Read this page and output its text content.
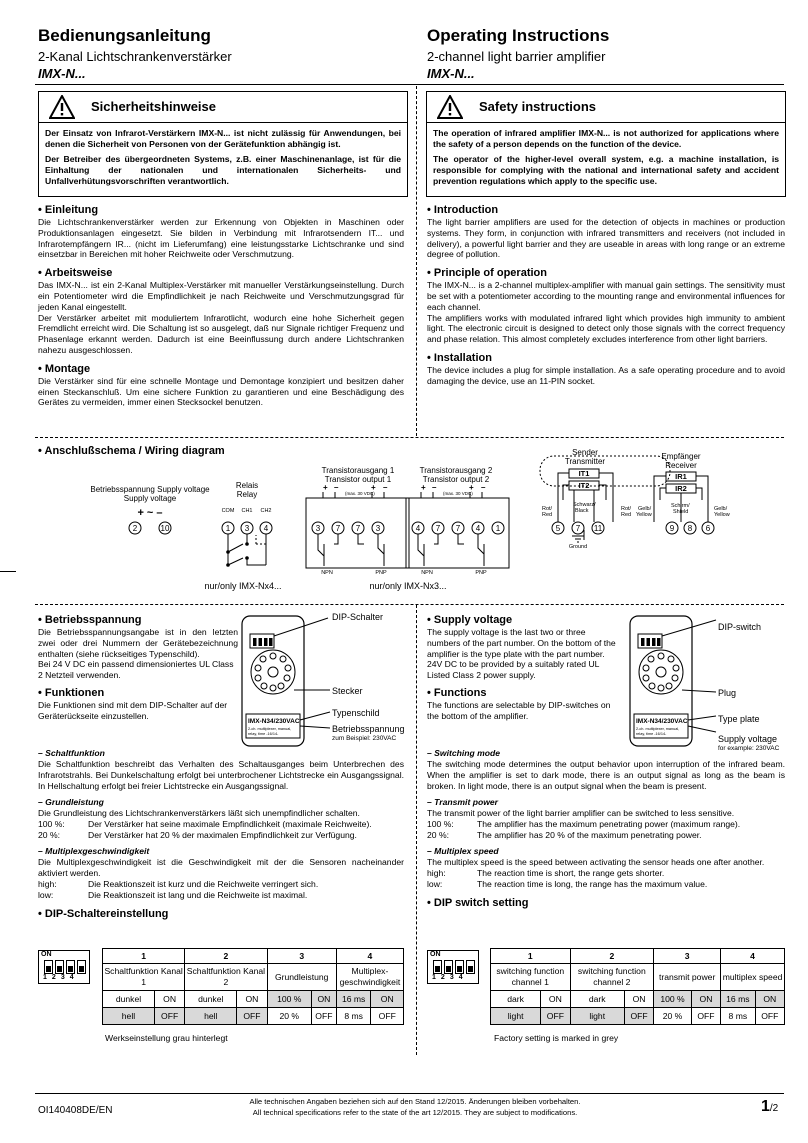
Bedienungsanleitung
2-Kanal Lichtschrankenverstärker
IMX-N...
Operating Instructions
2-channel light barrier amplifier
IMX-N...
Sicherheitshinweise

Der Einsatz von Infrarot-Verstärkern IMX-N... ist nicht zulässig für Anwendungen, bei denen die Sicherheit von Personen von der Gerätefunktion abhängig ist.

Der Betreiber des übergeordneten Systems, z.B. einer Maschinenanlage, ist für die Einhaltung der nationalen und internationalen Sicherheits- und Unfallverhütungsvorschriften verantwortlich.

Safety instructions

The operation of infrared amplifier IMX-N... is not authorized for applications where the safety of a person depends on the function of the device.

The operator of the higher-level overall system, e.g. a machine installation, is responsible for complying with the national and international safety and accident prevention regulations which apply to the specific use.

• Einleitung

Die Lichtschrankenverstärker werden zur Erkennung von Objekten in Maschinen oder Produktionsanlagen eingesetzt. Sie bilden in Verbindung mit Infrarotsendern IT... und Infrarotempfängern IR... (nicht im Lieferumfang) eine leistungsstarke Lichtschranke und sind einsetzbar in Bereichen mit hoher Reichweite oder Verschmutzung.

• Arbeitsweise

Das IMX-N... ist ein 2-Kanal Multiplex-Verstärker mit manueller Verstärkungseinstellung. Durch ein Potentiometer wird die Empfindlichkeit je nach Reichweite und Verschmutzungsgrad für jeden Kanal eingestellt.

Der Verstärker arbeitet mit moduliertem Infrarotlicht, wodurch eine hohe Sicherheit gegen Fremdlicht erreicht wird. Die Schaltung ist so ausgelegt, daß nur Signale richtiger Frequenz und Phasenlage erkannt werden. Dadurch ist eine Beeinflussung durch andere Lichtschranken nahezu ausgeschlossen.

• Montage

Die Verstärker sind für eine schnelle Montage und Demontage konzipiert und besitzen daher einen Steckanschluß. Um eine sichere Funktion zu garantieren und eine Beschädigung des Gerätes zu vermeiden, immer einen Stecksockel benutzen.

• Introduction

The light barrier amplifiers are used for the detection of objects in machines or production systems. They form, in conjunction with infrared transmitters and receivers (not included in delivery), a powerful light barrier and they are useable in areas with long range or an extreme degree of pollution.

• Principle of operation

The IMX-N... is a 2-channel multiplex-amplifier with manual gain settings. The sensitivity must be set with a potentiometer according to the mounting range and environmental influences for each channel.

The amplifiers works with modulated infrared light which provides high immunity to ambient light. The electronic circuit is designed to detect only those signals with the correct frequency and phase relation. This almost completely excludes interference from other light barriers.

• Installation

The device includes a plug for simple installation. As a safe operating procedure and to avoid damaging the device, use an 11-PIN socket.

• Anschlußschema / Wiring diagram
Betriebsspannung Supply voltage
Supply voltage
+ ~ –
2	10
Relais
Relay
COM CH1 CH2
1 3 4
Transistorausgang 1
Transistor output 1
+ –
(max. 30 VDC)
+ –
3 7 7 3
NPN	PNP
Transistorausgang 2
Transistor output 2
+ –
(max. 30 VDC)
+ –
4 7 7 4 1
NPN	PNP
nur/only IMX-Nx4...	nur/only IMX-Nx3...
Sender
Transmitter
IT1
IT2
Rot/
Red
Schwarz/
Black	Rot/
Red
5 7 11
Ground
Empfänger
Receiver
IR1
IR2
Gelb/
Yellow
Schirm/
Shield	Gelb/
Yellow
9 8 6
IMX-N34/230VAC
2-ch. multiplexer, manual,
relay, time -16/14-
DIP-Schalter
Stecker
Typenschild
Betriebsspannung
zum Beispiel: 230VAC
IMX-N34/230VAC
2-ch. multiplexer, manual,
relay, time -16/14-
DIP-switch
Plug
Type plate
Supply voltage
for example: 230VAC

• Betriebsspannung

Die Betriebsspannungsangabe ist in den letzten zwei oder drei Nummern der Gerätebezeichnung enthalten (siehe rückseitiges Typenschild).

Bei 24 V DC ein passend dimensioniertes UL Class 2 Netzteil verwenden.

• Funktionen

Die Funktionen sind mit dem DIP-Schalter auf der Geräterückseite einzustellen.

– Schaltfunktion

Die Schaltfunktion beschreibt das Verhalten des Schaltausganges beim Unterbrechen des Infrarotstrahls. Bei Dunkelschaltung erfolgt bei unterbrochener Lichtstrecke ein Ausgangssignal. In Hellschaltung erfolgt bei freier Lichtstrecke ein Ausgangssignal.

– Grundleistung

Die Grundleistung des Lichtschrankenverstärkers läßt sich unempfindlicher schalten.

100 %:	Der Verstärker hat seine maximale Empfindlichkeit (maximale Reichweite).
20 %:	Der Verstärker hat 20 % der maximalen Empfindlichkeit zur Verfügung.

– Multiplexgeschwindigkeit

Die Multiplexgeschwindigkeit ist die Geschwindigkeit mit der die Sensoren nacheinander aktiviert werden.

high:	Die Reaktionszeit ist kurz und die Reichweite verringert sich.
low:	Die Reaktionszeit ist lang und die Reichweite ist maximal.

• DIP-Schaltereinstellung

• Supply voltage

The supply voltage is the last two or three numbers of the part number. On the bottom of the amplifier is the type plate with the part number.

24V DC to be provided by a suitably rated UL Listed Class 2 power supply.

• Functions

The functions are selectable by DIP-switches on the bottom of the amplifier.

– Switching mode

The switching mode determines the output behavior upon interruption of the infrared beam. When the amplifier is set to dark mode, there is an output signal as long as the beam is broken. In light mode, there is an output signal when the beam is present.

– Transmit power

The transmit power of the light barrier amplifier can be switched to less sensitive.

100 %:	The amplifier has the maximum penetrating power (maximum range).
20 %:	The amplifier has 20 % of the maximum penetrating power.

– Multiplex speed

The multiplex speed is the speed between activating the sensor heads one after another.

high:	The reaction time is short, the range gets shorter.
low:	The reaction time is long, the range has the maximum value.

• DIP switch setting

ON
1234
ON
1234
1		2		3		4	
Schaltfunktion Kanal 1		Schaltfunktion Kanal 2		Grundleistung		Multiplex-geschwindigkeit	
dunkel	ON	dunkel	ON	100 %	ON	16 ms	ON
hell	OFF	hell	OFF	20 %	OFF	8 ms	OFF
Werkseinstellung grau hinterlegt
1		2		3		4	
switching function channel 1		switching function channel 2		transmit power		multiplex speed	
dark	ON	dark	ON	100 %	ON	16 ms	ON
light	OFF	light	OFF	20 %	OFF	8 ms	OFF
Factory setting is marked in grey
OI140408DE/EN
Alle technischen Angaben beziehen sich auf den Stand 12/2015. Änderungen bleiben vorbehalten.
All technical specifications refer to the state of the art 12/2015. They are subject to modifications.	1/2
